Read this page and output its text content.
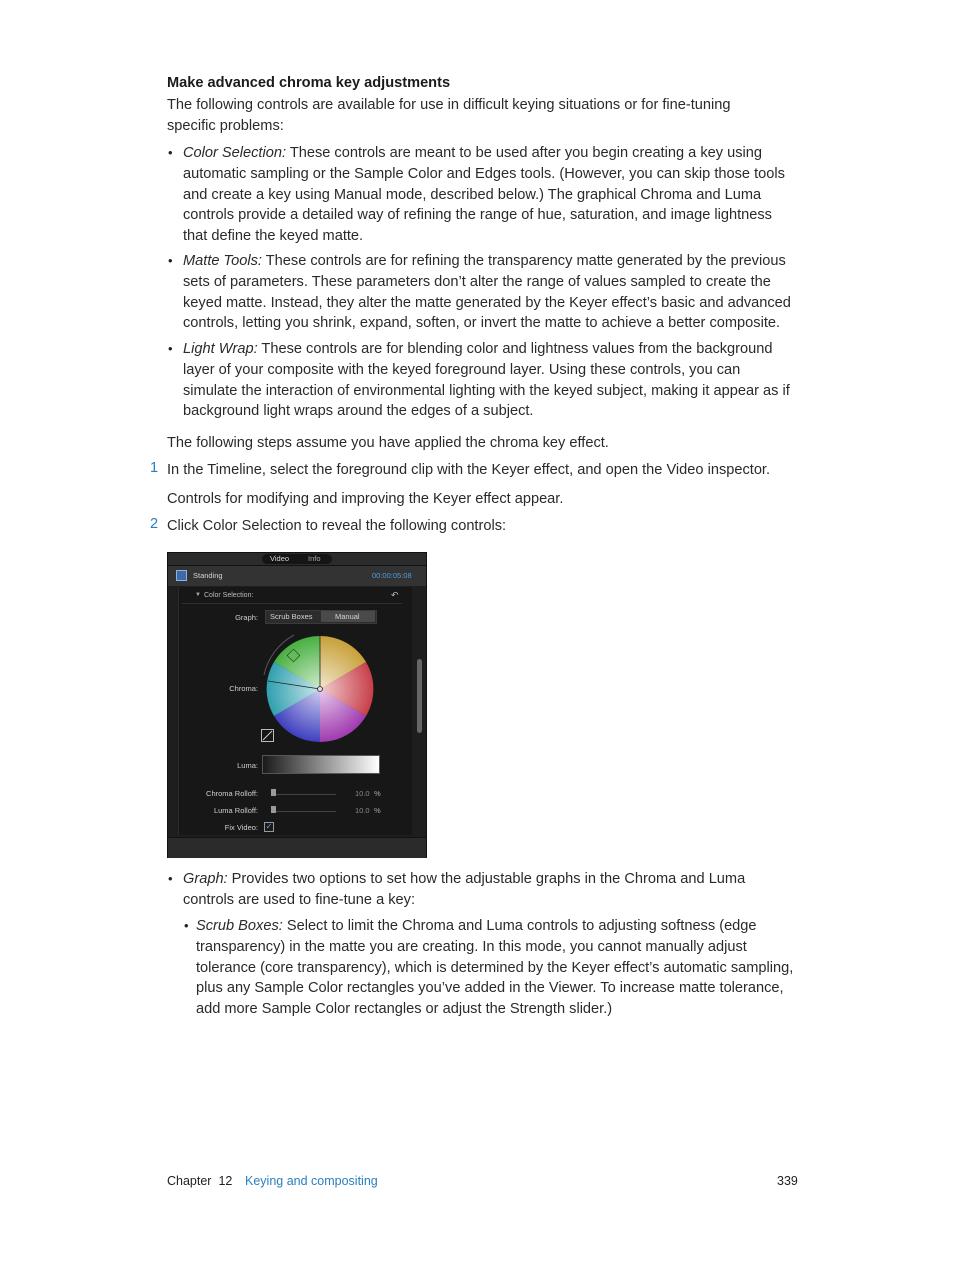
Make advanced chroma key adjustments
The following controls are available for use in difficult keying situations or for fine-tuning specific problems:
• Color Selection: These controls are meant to be used after you begin creating a key using automatic sampling or the Sample Color and Edges tools. (However, you can skip those tools and create a key using Manual mode, described below.) The graphical Chroma and Luma controls provide a detailed way of refining the range of hue, saturation, and image lightness that define the keyed matte.
• Matte Tools: These controls are for refining the transparency matte generated by the previous sets of parameters. These parameters don’t alter the range of values sampled to create the keyed matte. Instead, they alter the matte generated by the Keyer effect’s basic and advanced controls, letting you shrink, expand, soften, or invert the matte to achieve a better composite.
• Light Wrap: These controls are for blending color and lightness values from the background layer of your composite with the keyed foreground layer. Using these controls, you can simulate the interaction of environmental lighting with the keyed subject, making it appear as if background light wraps around the edges of a subject.
The following steps assume you have applied the chroma key effect.
1 In the Timeline, select the foreground clip with the Keyer effect, and open the Video inspector.
Controls for modifying and improving the Keyer effect appear.
2 Click Color Selection to reveal the following controls:
Video	Info
Standing	00:00:05:08
▼ Color Selection:	↶
Graph: Scrub Boxes	Manual
Chroma:
Luma:
Chroma Rolloff:	10.0 %
Luma Rolloff:	10.0 %
Fix Video: ✓
• Graph: Provides two options to set how the adjustable graphs in the Chroma and Luma controls are used to fine-tune a key:
• Scrub Boxes: Select to limit the Chroma and Luma controls to adjusting softness (edge transparency) in the matte you are creating. In this mode, you cannot manually adjust tolerance (core transparency), which is determined by the Keyer effect’s automatic sampling, plus any Sample Color rectangles you’ve added in the Viewer. To increase matte tolerance, add more Sample Color rectangles or adjust the Strength slider.)
Chapter 12 Keying and compositing	339
